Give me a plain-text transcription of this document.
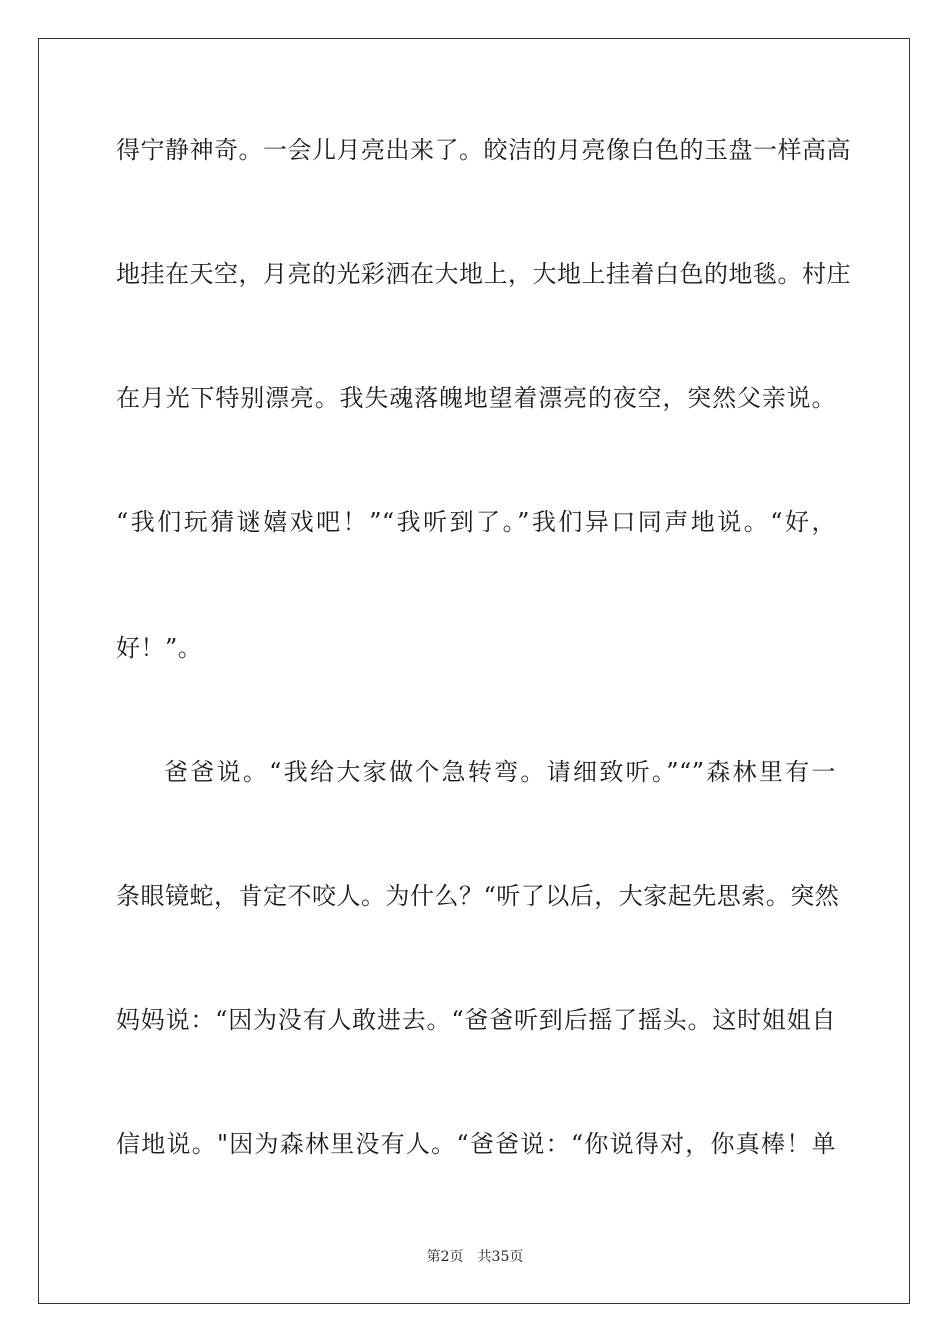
得宁静神奇。一会儿月亮出来了。皎洁的月亮像白色的玉盘一样高高
地挂在天空，月亮的光彩洒在大地上，大地上挂着白色的地毯。村庄
在月光下特别漂亮。我失魂落魄地望着漂亮的夜空，突然父亲说。
“我们玩猜谜嬉戏吧！”“我听到了。”我们异口同声地说。“好，
好！”。
爸爸说。“我给大家做个急转弯。请细致听。”“”森林里有一
条眼镜蛇，肯定不咬人。为什么？“听了以后，大家起先思索。突然
妈妈说：“因为没有人敢进去。“爸爸听到后摇了摇头。这时姐姐自
信地说。"因为森林里没有人。“爸爸说：“你说得对，你真棒！单
第2页 共35页
